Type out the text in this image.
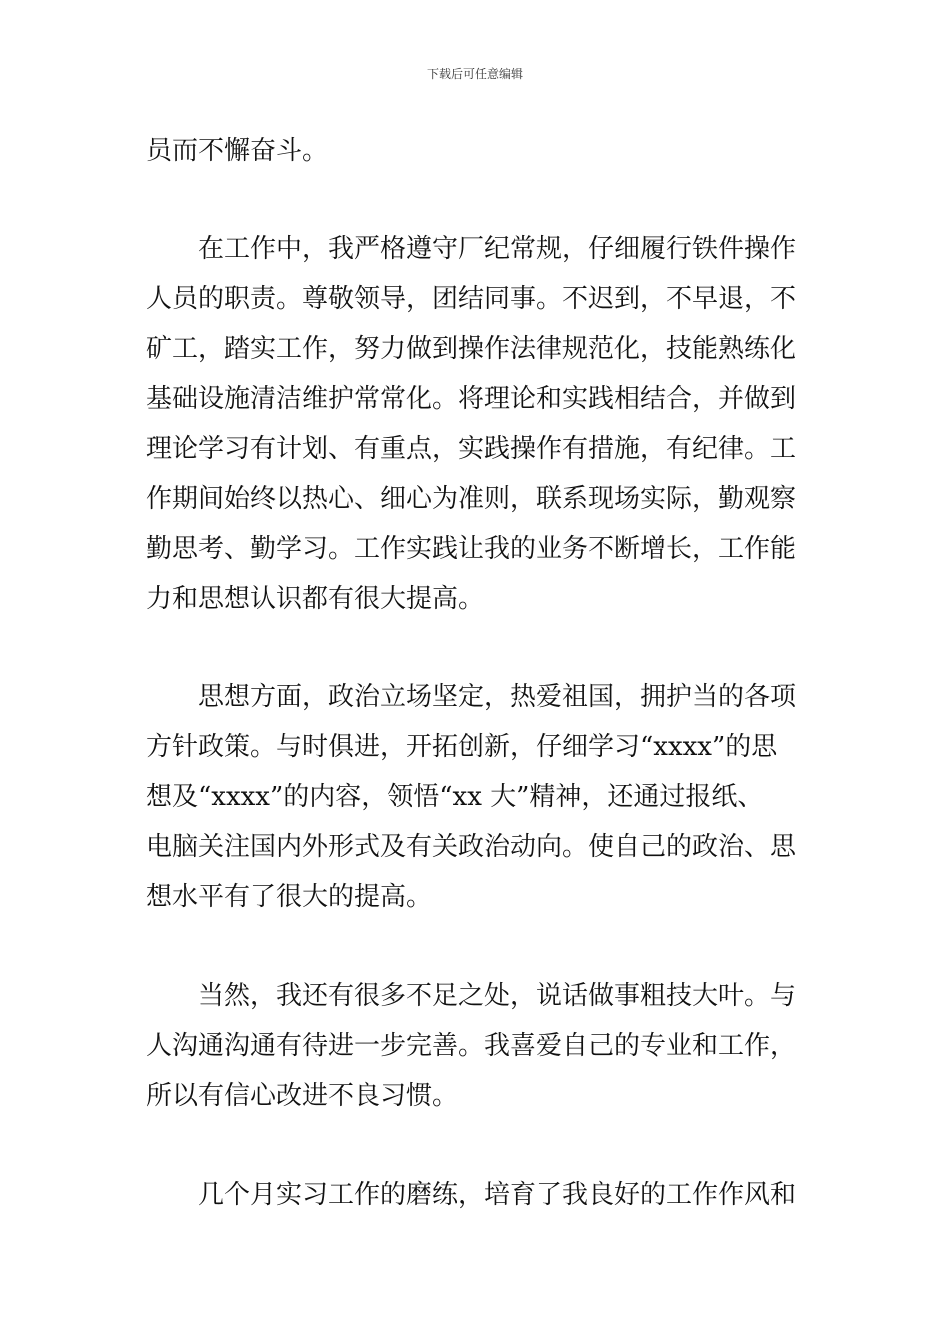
下载后可任意编辑
员而不懈奋斗。
在工作中，我严格遵守厂纪常规，仔细履行铁件操作
人员的职责。尊敬领导，团结同事。不迟到，不早退，不
矿工，踏实工作，努力做到操作法律规范化，技能熟练化
基础设施清洁维护常常化。将理论和实践相结合，并做到
理论学习有计划、有重点，实践操作有措施，有纪律。工
作期间始终以热心、细心为准则，联系现场实际，勤观察
勤思考、勤学习。工作实践让我的业务不断增长，工作能
力和思想认识都有很大提高。
思想方面，政治立场坚定，热爱祖国，拥护当的各项
方针政策。与时俱进，开拓创新，仔细学习“xxxx”的思
想及“xxxx”的内容，领悟“xx 大”精神，还通过报纸、
电脑关注国内外形式及有关政治动向。使自己的政治、思
想水平有了很大的提高。
当然，我还有很多不足之处，说话做事粗技大叶。与
人沟通沟通有待进一步完善。我喜爱自己的专业和工作，
所以有信心改进不良习惯。
几个月实习工作的磨练，培育了我良好的工作作风和
